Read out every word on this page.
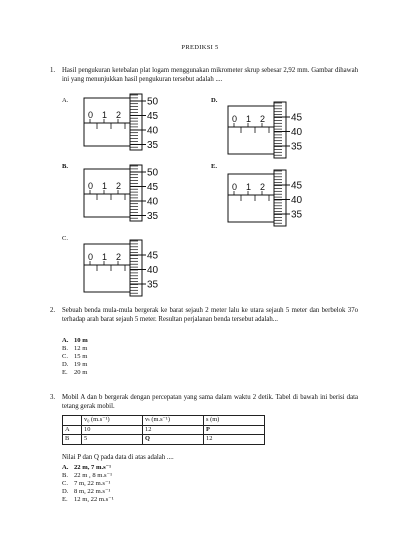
PREDIKSI 5
1. Hasil pengukuran ketebalan plat logam menggunakan mikrometer skrup sebesar 2,92 mm. Gambar dihawah ini yang menunjukkan hasil pengukuran tersebut adalah ....
A.
0 1 2
50
45
40
35
D.
0 1 2	45
40
35
B.
0 1 2
50
45
40
35
E.
0 1 2	45
40
35
C.
0 1 2	45
40
35
2. Sebuah benda mula-mula bergerak ke barat sejauh 2 meter lalu ke utara sejauh 5 meter dan berbelok 37o terhadap arah barat sejauh 5 meter. Resultan perjalanan benda tersebut adalah...
A. 10 m
B. 12 m
C. 15 m
D. 19 m
E. 20 m
3. Mobil A dan b bergerak dengan percepatan yang sama dalam waktu 2 detik. Tabel di bawah ini berisi data tetang gerak mobil.
	v₀ (m.s⁻¹)	vₜ (m.s⁻¹)	s (m)
A	10	12	P
B	5	Q	12
Nilai P dan Q pada data di atas adalah ....
A. 22 m, 7 m.s⁻¹
B. 22 m , 8 m.s⁻¹
C. 7 m, 22 m.s⁻¹
D. 8 m, 22 m.s⁻¹
E. 12 m, 22 m.s⁻¹
